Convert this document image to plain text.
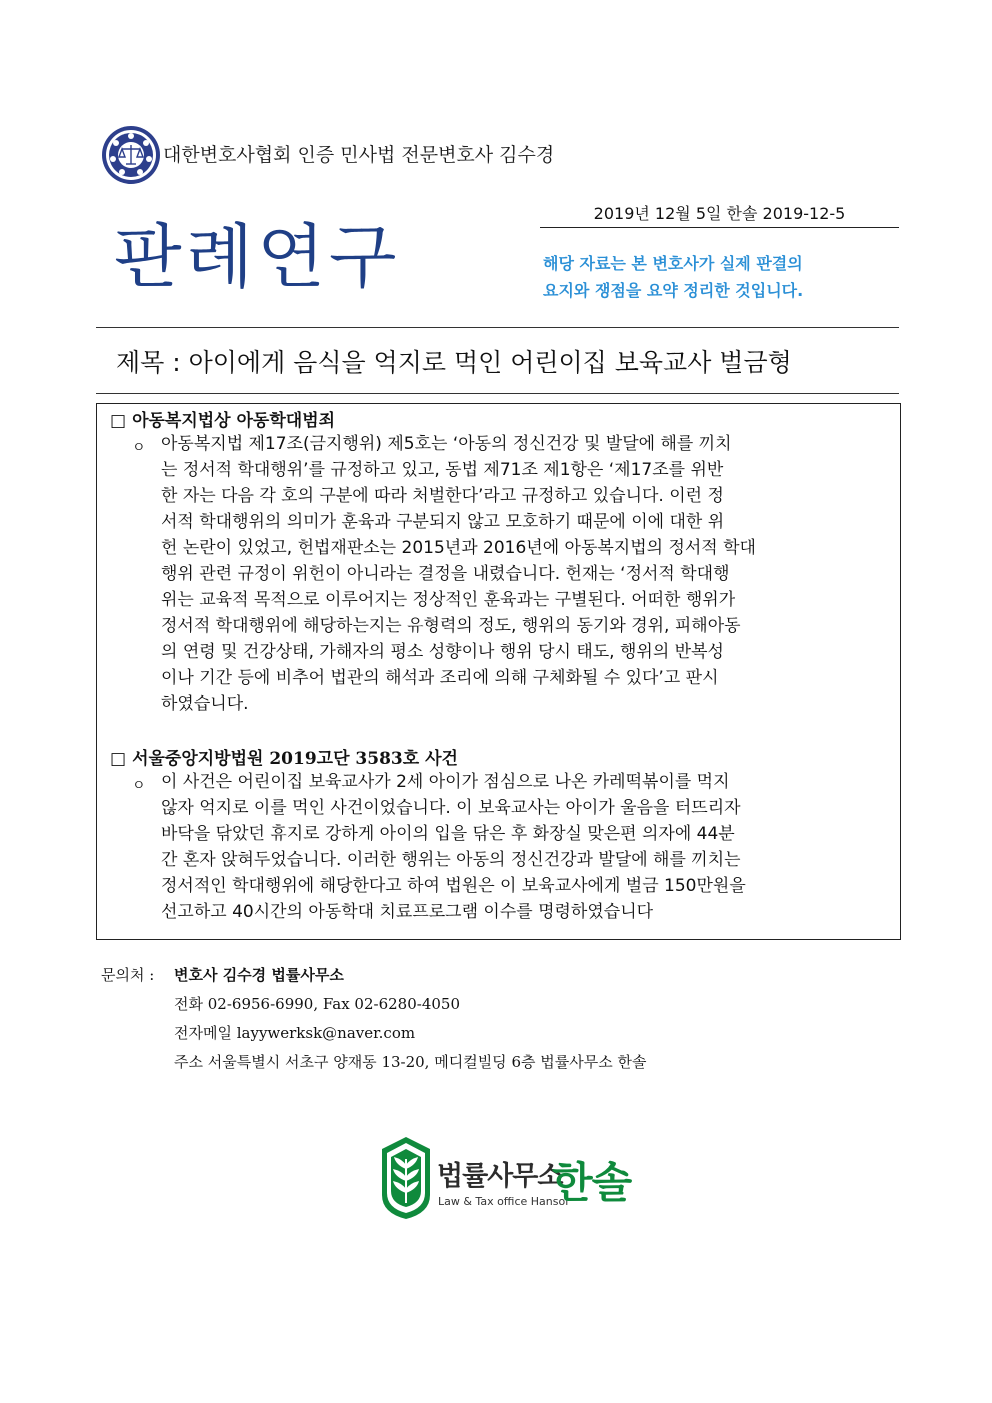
대한변호사협회 인증 민사법 전문변호사 김수경
2019년 12월 5일 한솔 2019-12-5
판례연구	해당 자료는 본 변호사가 실제 판결의
요지와 쟁점을 요약 정리한 것입니다.
제목 : 아이에게 음식을 억지로 먹인 어린이집 보육교사 벌금형
□ 아동복지법상 아동학대범죄
ㅇ 아동복지법 제17조(금지행위) 제5호는 ‘아동의 정신건강 및 발달에 해를 끼치
는 정서적 학대행위’를 규정하고 있고, 동법 제71조 제1항은 ‘제17조를 위반
한 자는 다음 각 호의 구분에 따라 처벌한다’라고 규정하고 있습니다. 이런 정
서적 학대행위의 의미가 훈육과 구분되지 않고 모호하기 때문에 이에 대한 위
헌 논란이 있었고, 헌법재판소는 2015년과 2016년에 아동복지법의 정서적 학대
행위 관련 규정이 위헌이 아니라는 결정을 내렸습니다. 헌재는 ‘정서적 학대행
위는 교육적 목적으로 이루어지는 정상적인 훈육과는 구별된다. 어떠한 행위가
정서적 학대행위에 해당하는지는 유형력의 정도, 행위의 동기와 경위, 피해아동
의 연령 및 건강상태, 가해자의 평소 성향이나 행위 당시 태도, 행위의 반복성
이나 기간 등에 비추어 법관의 해석과 조리에 의해 구체화될 수 있다’고 판시
하였습니다.
□ 서울중앙지방법원 2019고단 3583호 사건
ㅇ 이 사건은 어린이집 보육교사가 2세 아이가 점심으로 나온 카레떡볶이를 먹지
않자 억지로 이를 먹인 사건이었습니다. 이 보육교사는 아이가 울음을 터뜨리자
바닥을 닦았던 휴지로 강하게 아이의 입을 닦은 후 화장실 맞은편 의자에 44분
간 혼자 앉혀두었습니다. 이러한 행위는 아동의 정신건강과 발달에 해를 끼치는
정서적인 학대행위에 해당한다고 하여 법원은 이 보육교사에게 벌금 150만원을
선고하고 40시간의 아동학대 치료프로그램 이수를 명령하였습니다
문의처 : 변호사 김수경 법률사무소
전화 02-6956-6990, Fax 02-6280-4050
전자메일 layywerksk@naver.com
주소 서울특별시 서초구 양재동 13-20, 메디컬빌딩 6층 법률사무소 한솔
법률사무소
Law & Tax office Hansol
한솔
